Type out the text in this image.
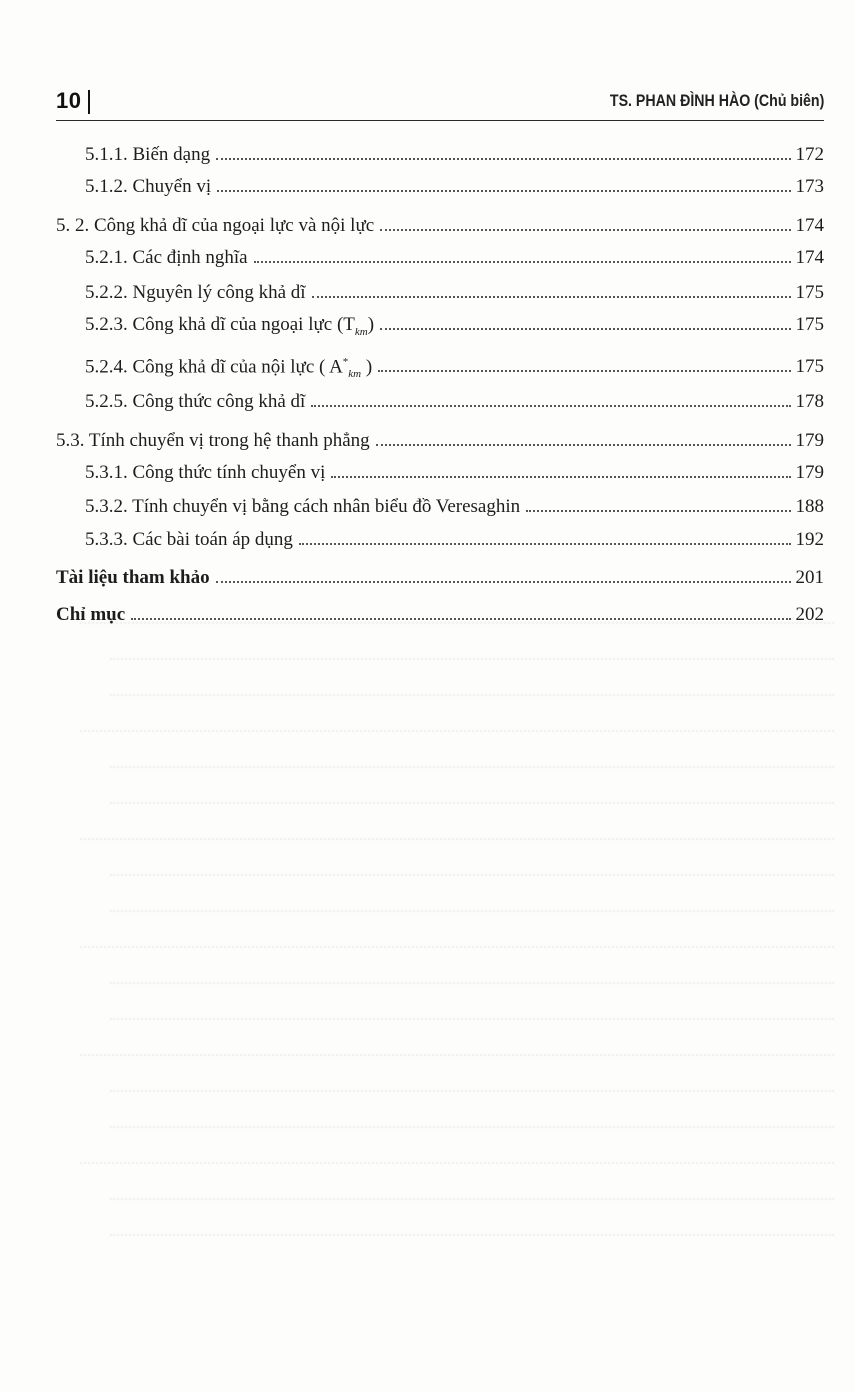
10	TS. PHAN ĐÌNH HÀO (Chủ biên)
5.1.1. Biến dạng	172
5.1.2. Chuyển vị	173
5. 2. Công khả dĩ của ngoại lực và nội lực	174
5.2.1. Các định nghĩa	174
5.2.2. Nguyên lý công khả dĩ	175
5.2.3. Công khả dĩ của ngoại lực $(T_{km})$	175
5.2.4. Công khả dĩ của nội lực ( $A^*_{km}$ )	175
5.2.5. Công thức công khả dĩ	178
5.3. Tính chuyển vị trong hệ thanh phẳng	179
5.3.1. Công thức tính chuyển vị	179
5.3.2. Tính chuyển vị bằng cách nhân biểu đồ Veresaghin	188
5.3.3. Các bài toán áp dụng	192
Tài liệu tham khảo	201
Chỉ mục	202
